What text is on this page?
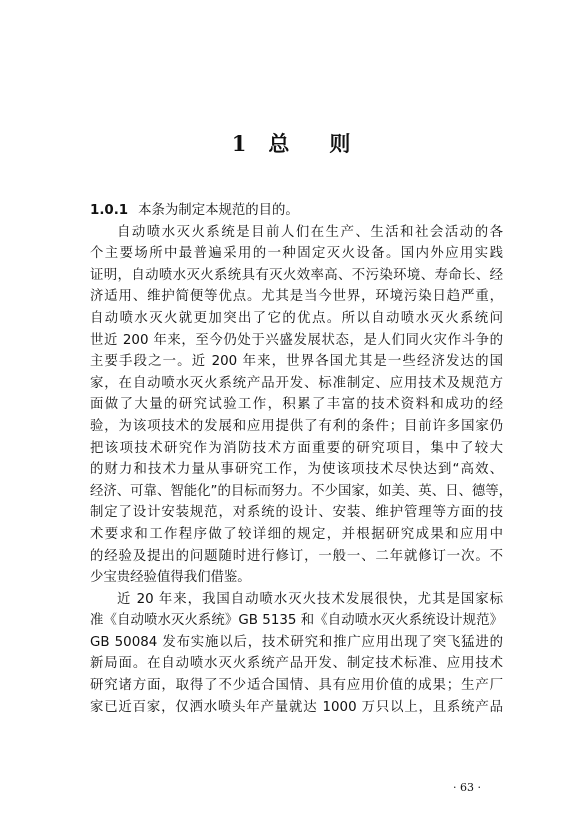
1 总 则
1.0.1 本条为制定本规范的目的。
自动喷水灭火系统是目前人们在生产、生活和社会活动的各
个主要场所中最普遍采用的一种固定灭火设备。国内外应用实践
证明，自动喷水灭火系统具有灭火效率高、不污染环境、寿命长、经
济适用、维护简便等优点。尤其是当今世界，环境污染日趋严重，
自动喷水灭火就更加突出了它的优点。所以自动喷水灭火系统问
世近 200 年来，至今仍处于兴盛发展状态，是人们同火灾作斗争的
主要手段之一。近 200 年来，世界各国尤其是一些经济发达的国
家，在自动喷水灭火系统产品开发、标准制定、应用技术及规范方
面做了大量的研究试验工作，积累了丰富的技术资料和成功的经
验，为该项技术的发展和应用提供了有利的条件；目前许多国家仍
把该项技术研究作为消防技术方面重要的研究项目，集中了较大
的财力和技术力量从事研究工作，为使该项技术尽快达到“高效、
经济、可靠、智能化”的目标而努力。不少国家，如美、英、日、德等，
制定了设计安装规范，对系统的设计、安装、维护管理等方面的技
术要求和工作程序做了较详细的规定，并根据研究成果和应用中
的经验及提出的问题随时进行修订，一般一、二年就修订一次。不
少宝贵经验值得我们借鉴。
近 20 年来，我国自动喷水灭火技术发展很快，尤其是国家标
准《自动喷水灭火系统》GB 5135 和《自动喷水灭火系统设计规范》
GB 50084 发布实施以后，技术研究和推广应用出现了突飞猛进的
新局面。在自动喷水灭火系统产品开发、制定技术标准、应用技术
研究诸方面，取得了不少适合国情、具有应用价值的成果；生产厂
家已近百家，仅洒水喷头年产量就达 1000 万只以上，且系统产品
· 63 ·
